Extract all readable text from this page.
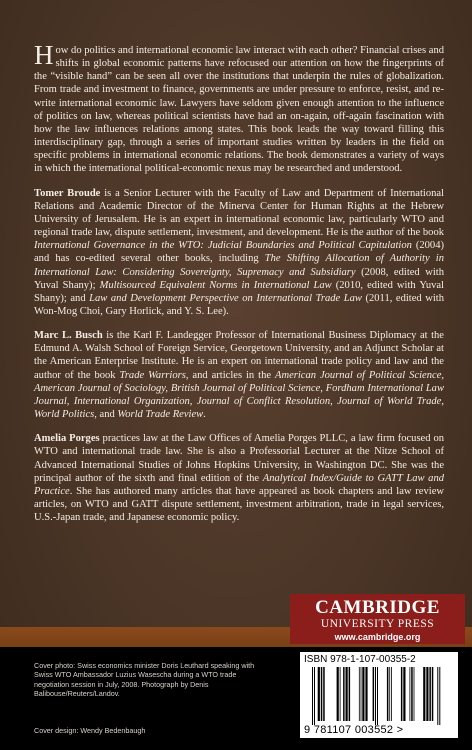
How do politics and international economic law interact with each other? Financial crises and shifts in global economic patterns have refocused our attention on how the fingerprints of the “visible hand” can be seen all over the institutions that underpin the rules of globalization. From trade and investment to finance, governments are under pressure to enforce, resist, and re-write international economic law. Lawyers have seldom given enough attention to the influence of politics on law, whereas political scientists have had an on-again, off-again fascination with how the law influences relations among states. This book leads the way toward filling this interdisciplinary gap, through a series of important studies written by leaders in the field on specific problems in international economic relations. The book demonstrates a variety of ways in which the international political-economic nexus may be researched and understood.

Tomer Broude is a Senior Lecturer with the Faculty of Law and Department of International Relations and Academic Director of the Minerva Center for Human Rights at the Hebrew University of Jerusalem. He is an expert in international economic law, particularly WTO and regional trade law, dispute settlement, investment, and development. He is the author of the book International Governance in the WTO: Judicial Boundaries and Political Capitulation (2004) and has co-edited several other books, including The Shifting Allocation of Authority in International Law: Considering Sovereignty, Supremacy and Subsidiary (2008, edited with Yuval Shany); Multisourced Equivalent Norms in International Law (2010, edited with Yuval Shany); and Law and Development Perspective on International Trade Law (2011, edited with Won-Mog Choi, Gary Horlick, and Y. S. Lee).

Marc L. Busch is the Karl F. Landegger Professor of International Business Diplomacy at the Edmund A. Walsh School of Foreign Service, Georgetown University, and an Adjunct Scholar at the American Enterprise Institute. He is an expert on international trade policy and law and the author of the book Trade Warriors, and articles in the American Journal of Political Science, American Journal of Sociology, British Journal of Political Science, Fordham International Law Journal, International Organization, Journal of Conflict Resolution, Journal of World Trade, World Politics, and World Trade Review.

Amelia Porges practices law at the Law Offices of Amelia Porges PLLC, a law firm focused on WTO and international trade law. She is also a Professorial Lecturer at the Nitze School of Advanced International Studies of Johns Hopkins University, in Washington DC. She was the principal author of the sixth and final edition of the Analytical Index/Guide to GATT Law and Practice. She has authored many articles that have appeared as book chapters and law review articles, on WTO and GATT dispute settlement, investment arbitration, trade in legal services, U.S.-Japan trade, and Japanese economic policy.

CAMBRIDGE
UNIVERSITY PRESS
www.cambridge.org
Cover photo: Swiss economics minister Doris Leuthard speaking with Swiss WTO Ambassador Luzius Wasescha during a WTO trade negotiation session in July, 2008. Photograph by Denis Balibouse/Reuters/Landov.
Cover design: Wendy Bedenbaugh
ISBN 978-1-107-00355-2
9 781107 003552 >
